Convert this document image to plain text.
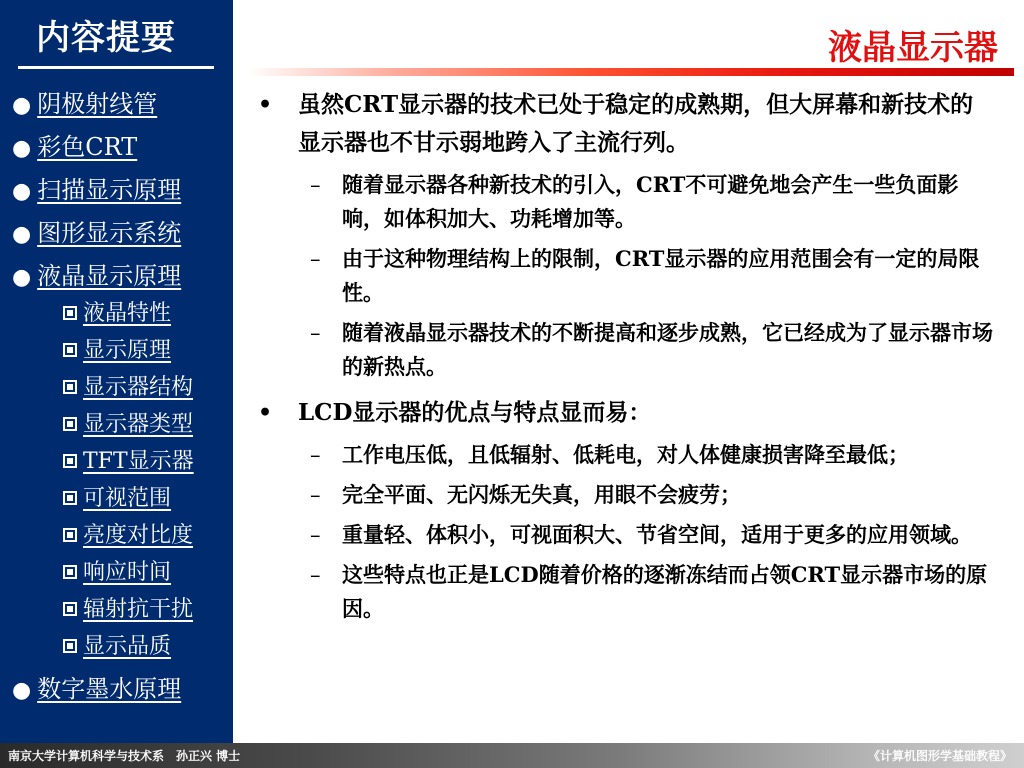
内容提要
● 阴极射线管
● 彩色CRT
● 扫描显示原理
● 图形显示系统
● 液晶显示原理
液晶特性
显示原理
显示器结构
显示器类型
TFT显示器
可视范围
亮度对比度
响应时间
辐射抗干扰
显示品质
● 数字墨水原理
液晶显示器
• 虽然CRT显示器的技术已处于稳定的成熟期，但大屏幕和新技术的显示器也不甘示弱地跨入了主流行列。
– 随着显示器各种新技术的引入，CRT不可避免地会产生一些负面影响，如体积加大、功耗增加等。
– 由于这种物理结构上的限制，CRT显示器的应用范围会有一定的局限性。
– 随着液晶显示器技术的不断提高和逐步成熟，它已经成为了显示器市场的新热点。
• LCD显示器的优点与特点显而易：
– 工作电压低，且低辐射、低耗电，对人体健康损害降至最低；
– 完全平面、无闪烁无失真，用眼不会疲劳；
– 重量轻、体积小，可视面积大、节省空间，适用于更多的应用领域。
– 这些特点也正是LCD随着价格的逐渐冻结而占领CRT显示器市场的原因。
南京大学计算机科学与技术系　孙正兴 博士	《计算机图形学基础教程》
